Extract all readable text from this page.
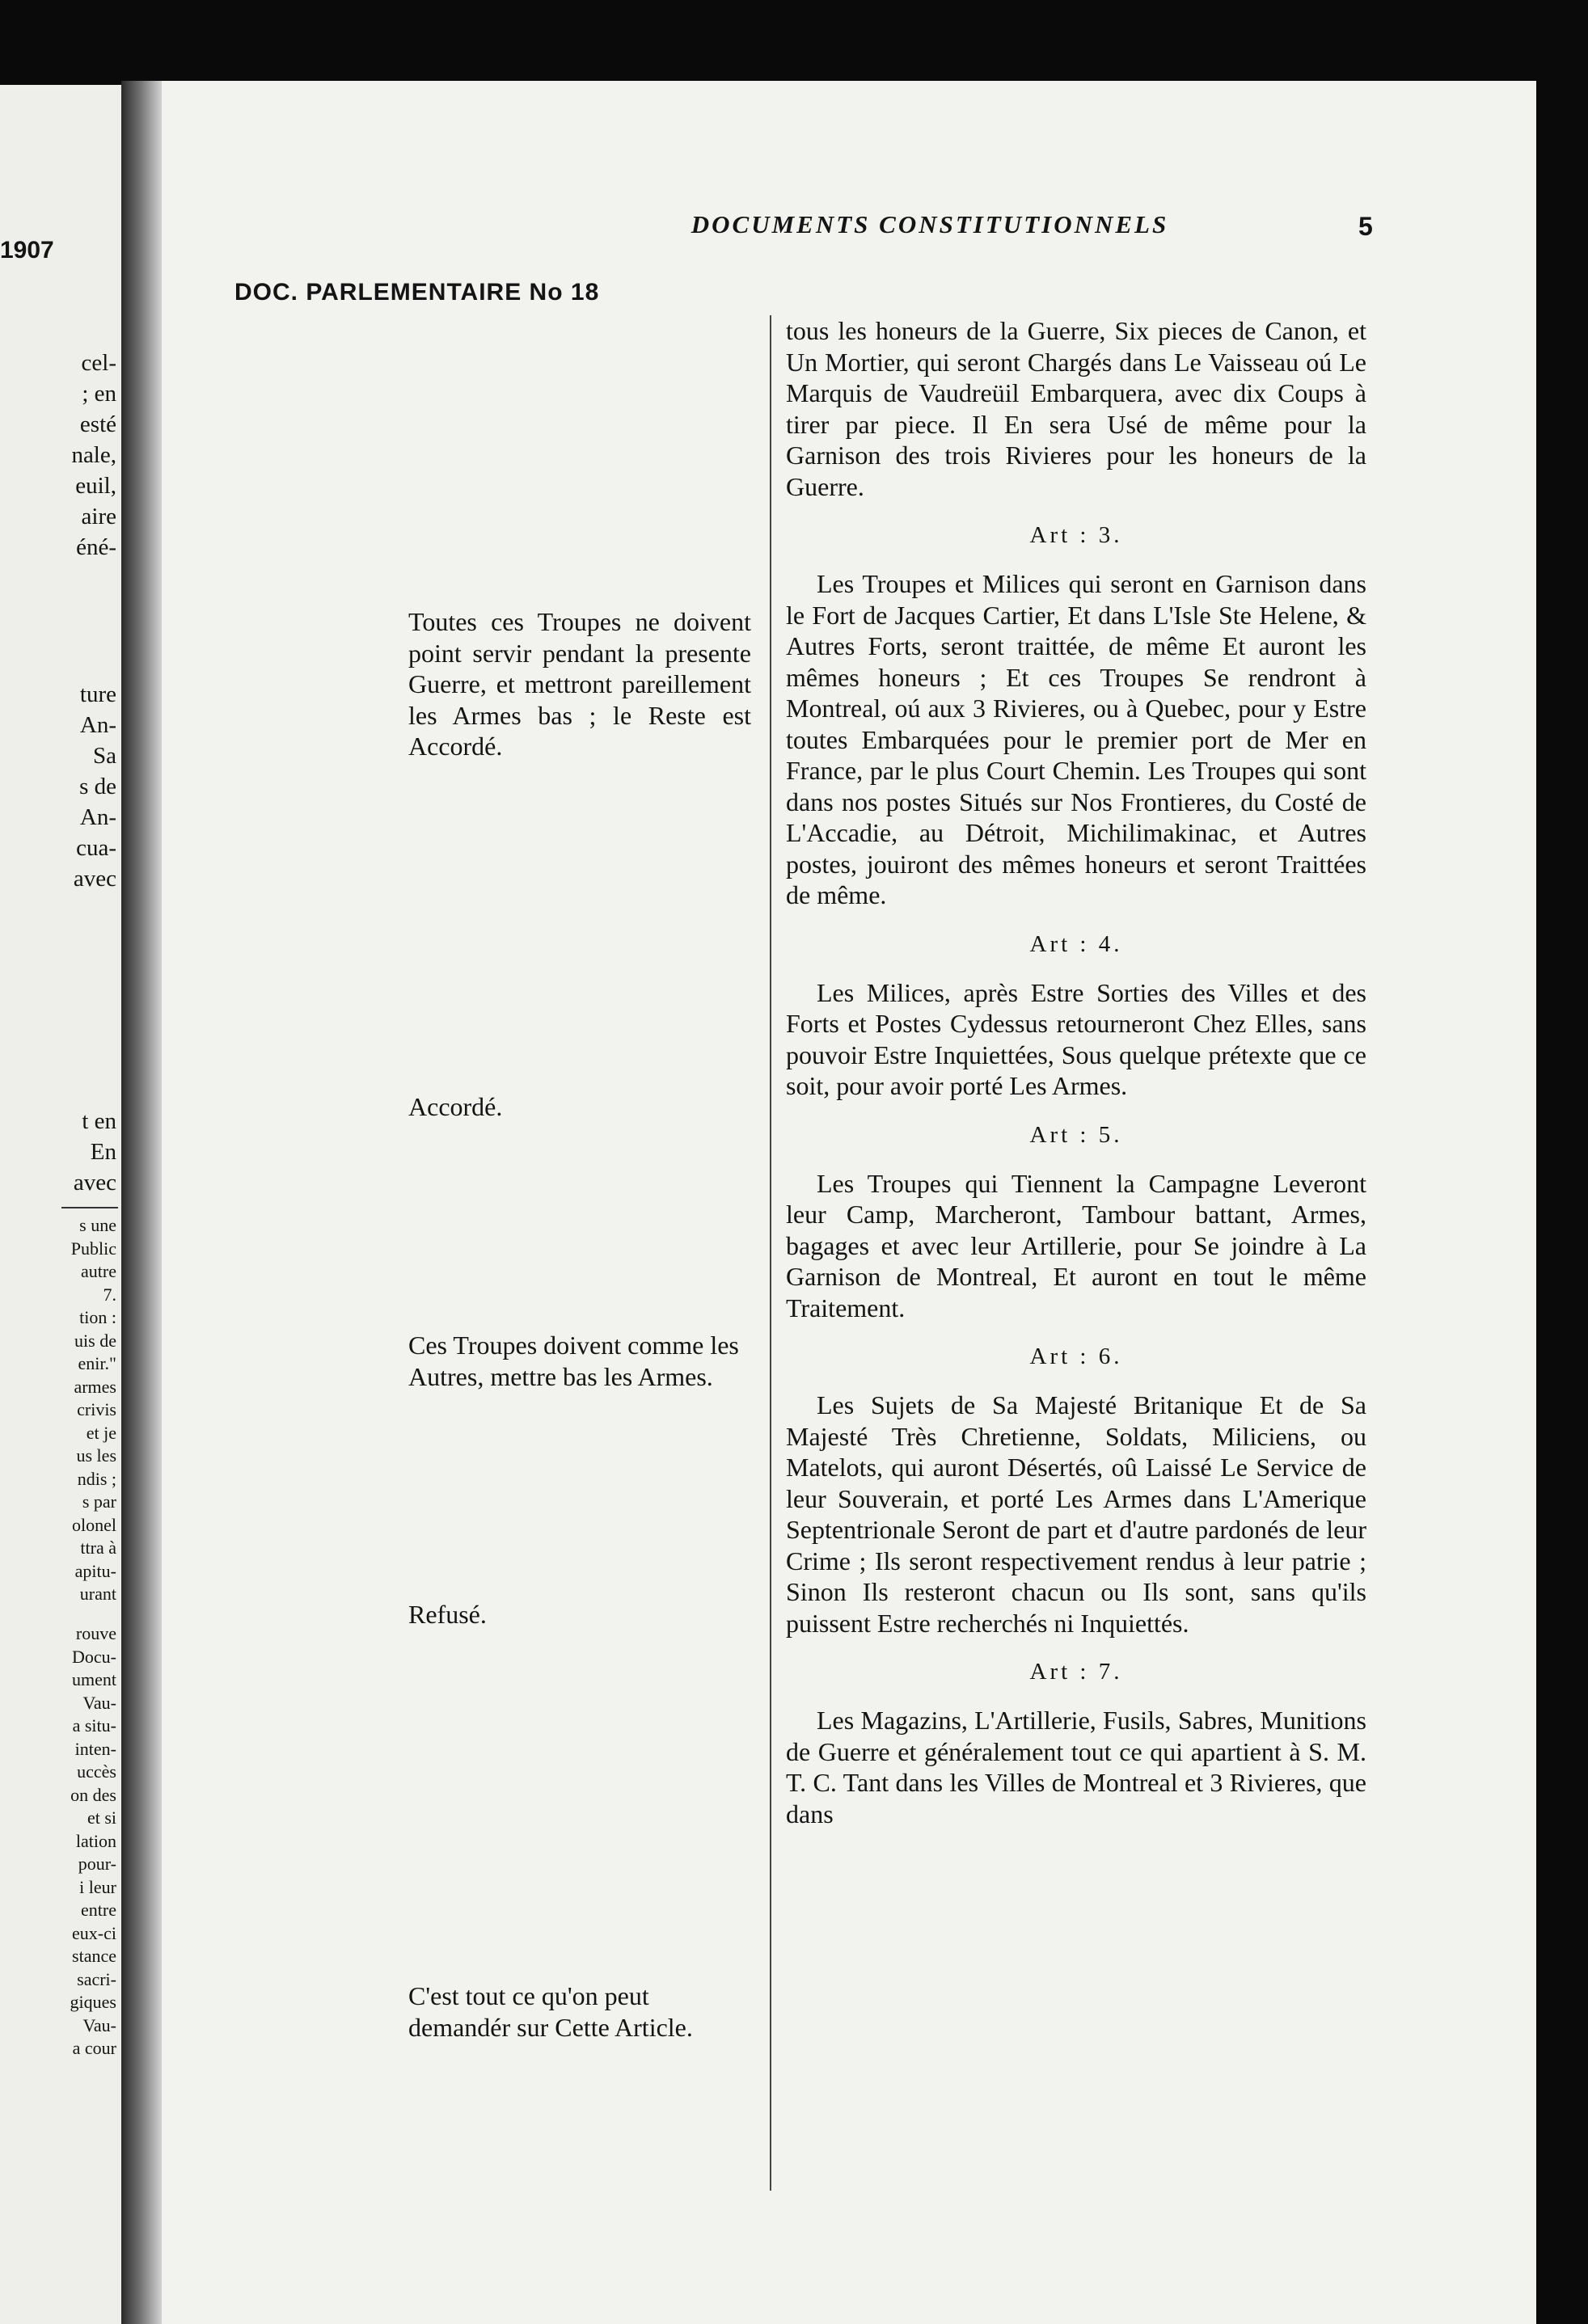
1907
cel-
; en
esté
nale,
euil,
aire
éné-
ture
An-
Sa
s de
An-
cua-
avec
t en
En
avec
s une
Public
autre
7.
tion :
uis de
enir."
armes
crivis
et je
us les
ndis ;
s par
olonel
ttra à
apitu-
urant
rouve
Docu-
ument
Vau-
a situ-
inten-
uccès
on des
et si
lation
pour-
i leur
entre
eux-ci
stance
sacri-
giques
Vau-
a cour
DOCUMENTS CONSTITUTIONNELS	5
DOC. PARLEMENTAIRE No 18
Toutes ces Troupes ne doivent point servir pendant la presente Guerre, et mettront pareillement les Armes bas ; le Reste est Accordé.
Accordé.
Ces Troupes doivent comme les Autres, mettre bas les Armes.
Refusé.
C'est tout ce qu'on peut demandér sur Cette Article.

tous les honeurs de la Guerre, Six pieces de Canon, et Un Mortier, qui seront Chargés dans Le Vaisseau oú Le Marquis de Vaudreüil Embarquera, avec dix Coups à tirer par piece. Il En sera Usé de même pour la Garnison des trois Rivieres pour les honeurs de la Guerre.

Art : 3.

Les Troupes et Milices qui seront en Garnison dans le Fort de Jacques Cartier, Et dans L'Isle Ste Helene, & Autres Forts, seront traittée, de même Et auront les mêmes honeurs ; Et ces Troupes Se rendront à Montreal, oú aux 3 Rivieres, ou à Quebec, pour y Estre toutes Embarquées pour le premier port de Mer en France, par le plus Court Chemin. Les Troupes qui sont dans nos postes Situés sur Nos Frontieres, du Costé de L'Accadie, au Détroit, Michilimakinac, et Autres postes, jouiront des mêmes honeurs et seront Traittées de même.

Art : 4.

Les Milices, après Estre Sorties des Villes et des Forts et Postes Cydessus retourneront Chez Elles, sans pouvoir Estre Inquiettées, Sous quelque prétexte que ce soit, pour avoir porté Les Armes.

Art : 5.

Les Troupes qui Tiennent la Campagne Leveront leur Camp, Marcheront, Tambour battant, Armes, bagages et avec leur Artillerie, pour Se joindre à La Garnison de Montreal, Et auront en tout le même Traitement.

Art : 6.

Les Sujets de Sa Majesté Britanique Et de Sa Majesté Très Chretienne, Soldats, Miliciens, ou Matelots, qui auront Désertés, oû Laissé Le Service de leur Souverain, et porté Les Armes dans L'Amerique Septentrionale Seront de part et d'autre pardonés de leur Crime ; Ils seront respectivement rendus à leur patrie ; Sinon Ils resteront chacun ou Ils sont, sans qu'ils puissent Estre recherchés ni Inquiettés.

Art : 7.

Les Magazins, L'Artillerie, Fusils, Sabres, Munitions de Guerre et généralement tout ce qui apartient à S. M. T. C. Tant dans les Villes de Montreal et 3 Rivieres, que dans
